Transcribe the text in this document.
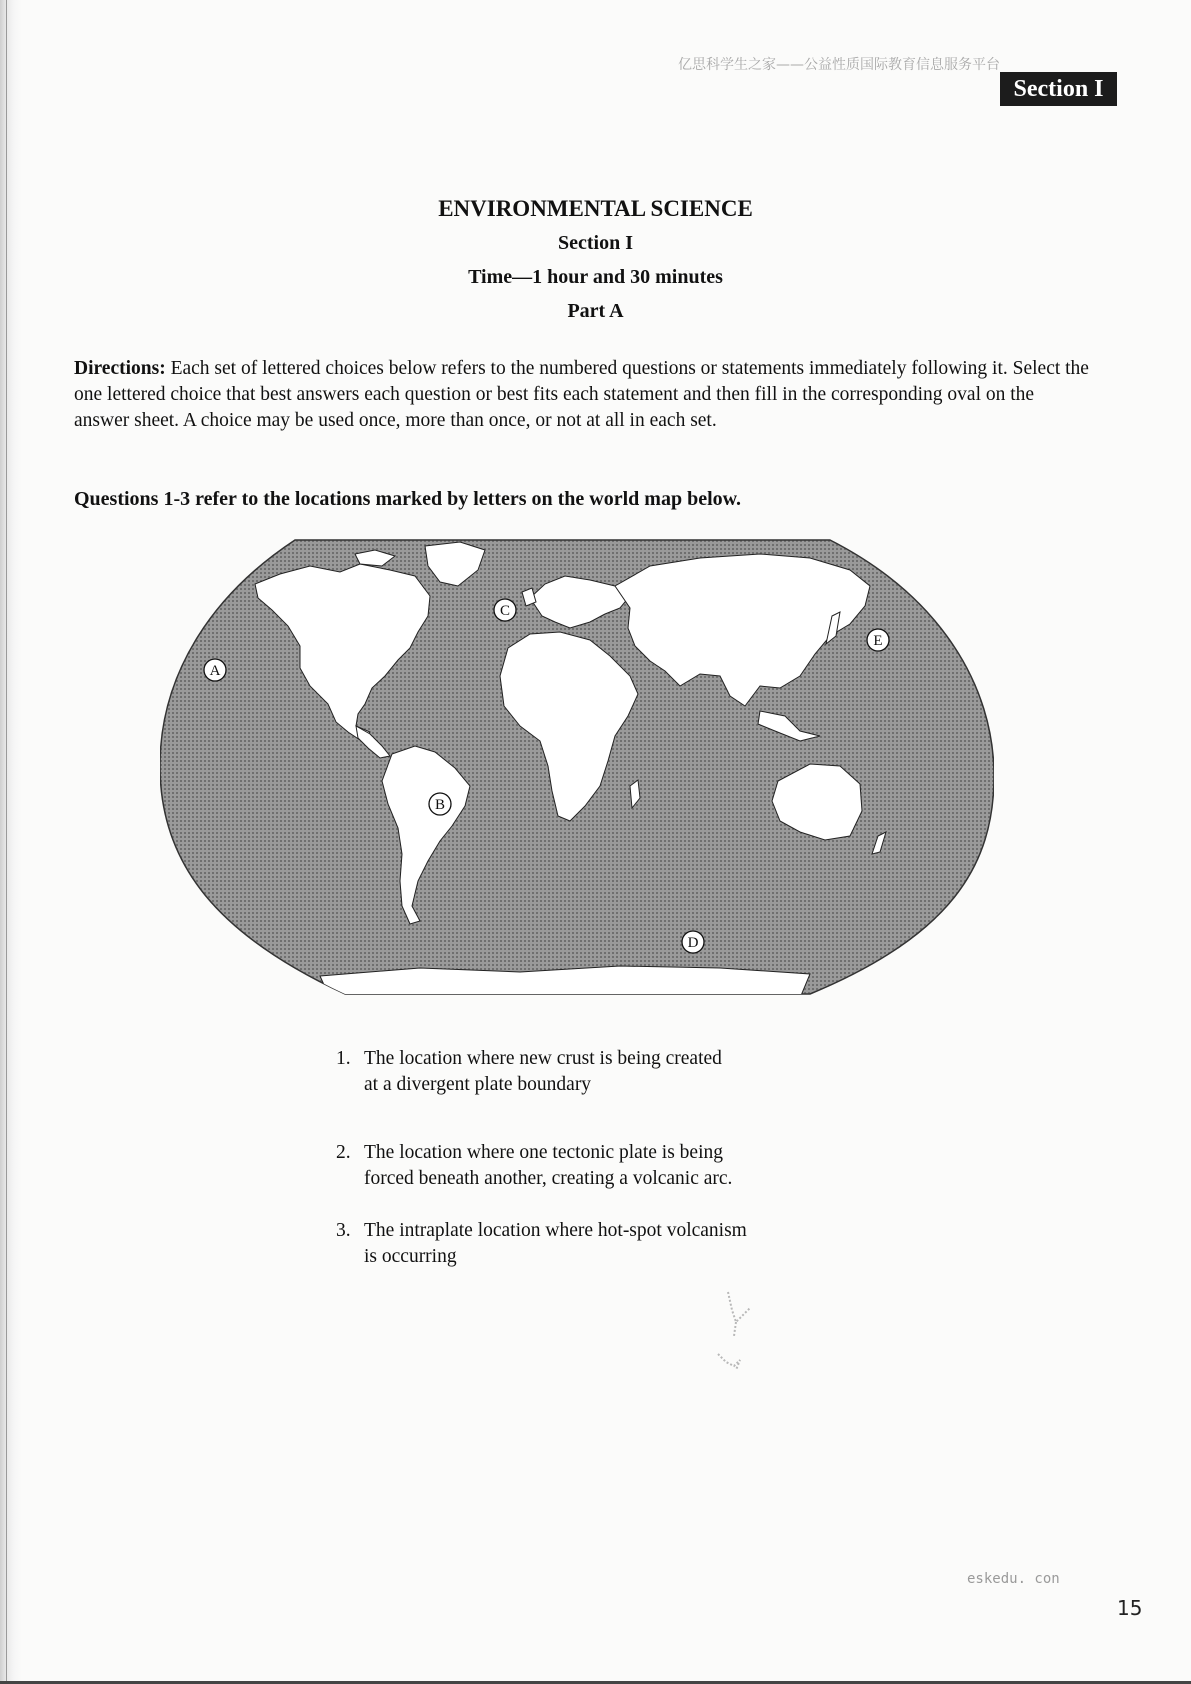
亿思科学生之家——公益性质国际教育信息服务平台
Section I
ENVIRONMENTAL SCIENCE
Section I
Time—1 hour and 30 minutes
Part A
Directions: Each set of lettered choices below refers to the numbered questions or statements immediately following it. Select the one lettered choice that best answers each question or best fits each statement and then fill in the corresponding oval on the answer sheet. A choice may be used once, more than once, or not at all in each set.
Questions 1-3 refer to the locations marked by letters on the world map below.
A
B
C
D
E
1. The location where new crust is being created
at a divergent plate boundary
2. The location where one tectonic plate is being
forced beneath another, creating a volcanic arc.
3. The intraplate location where hot-spot volcanism
is occurring
eskedu. con
15
